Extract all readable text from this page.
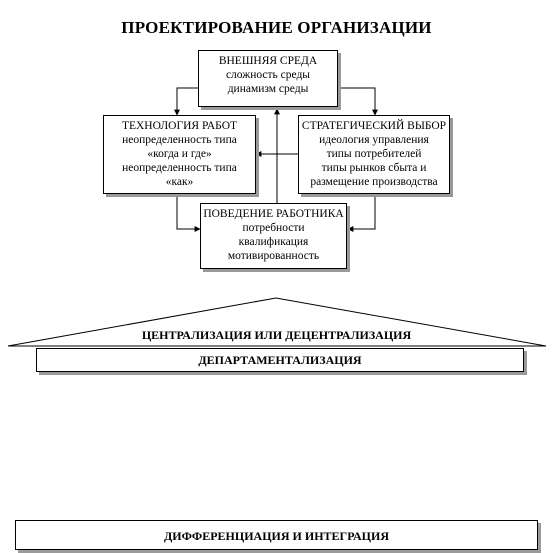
ПРОЕКТИРОВАНИЕ ОРГАНИЗАЦИИ
ВНЕШНЯЯ СРЕДА
сложность среды
динамизм среды
ТЕХНОЛОГИЯ РАБОТ
неопределенность типа
«когда и где»
неопределенность типа
«как»
СТРАТЕГИЧЕСКИЙ ВЫБОР
идеология управления
типы потребителей
типы рынков сбыта и
размещение производства
ПОВЕДЕНИЕ РАБОТНИКА
потребности
квалификация
мотивированность
ЦЕНТРАЛИЗАЦИЯ ИЛИ ДЕЦЕНТРАЛИЗАЦИЯ
ДЕПАРТАМЕНТАЛИЗАЦИЯ
ДИФФЕРЕНЦИАЦИЯ И ИНТЕГРАЦИЯ
